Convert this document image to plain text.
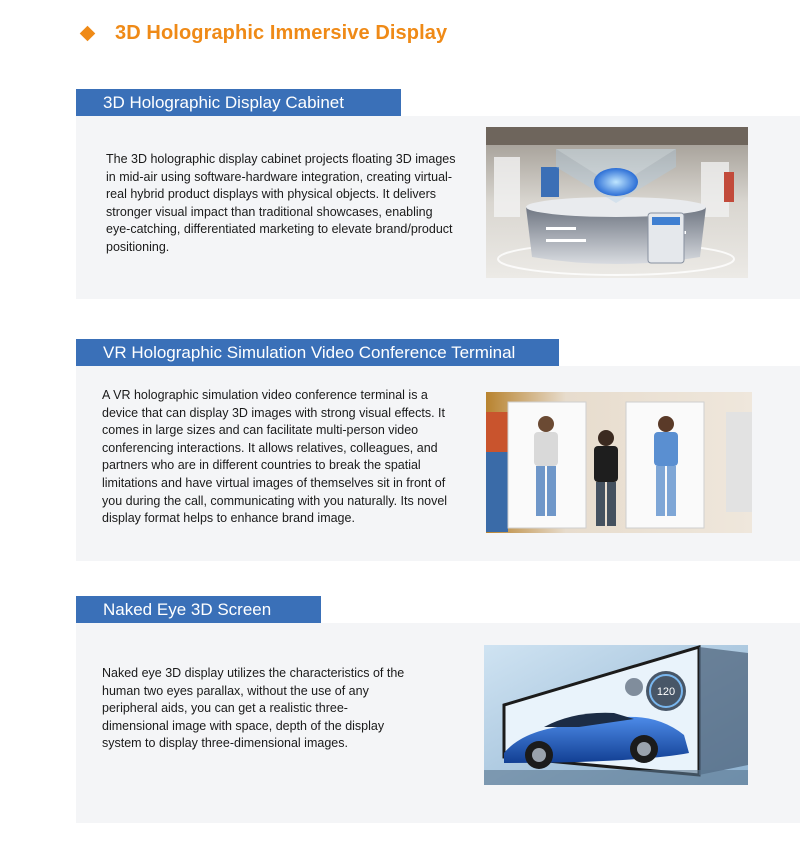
3D Holographic Immersive Display
3D Holographic Display Cabinet
The 3D holographic display cabinet projects floating 3D images in mid-air using software-hardware integration, creating virtual-real hybrid product displays with physical objects. It delivers stronger visual impact than traditional showcases, enabling eye-catching, differentiated marketing to elevate brand/product positioning.
VR Holographic Simulation Video Conference Terminal
A VR holographic simulation video conference terminal is a device that can display 3D images with strong visual effects. It comes in large sizes and can facilitate multi-person video conferencing interactions. It allows relatives, colleagues, and partners who are in different countries to break the spatial limitations and have virtual images of themselves sit in front of you during the call, communicating with you naturally. Its novel display format helps to enhance brand image.
Naked Eye 3D Screen
Naked eye 3D display utilizes the characteristics of the human two eyes parallax, without the use of any peripheral aids, you can get a realistic three-dimensional image with space, depth of the display system to display three-dimensional images.
120
